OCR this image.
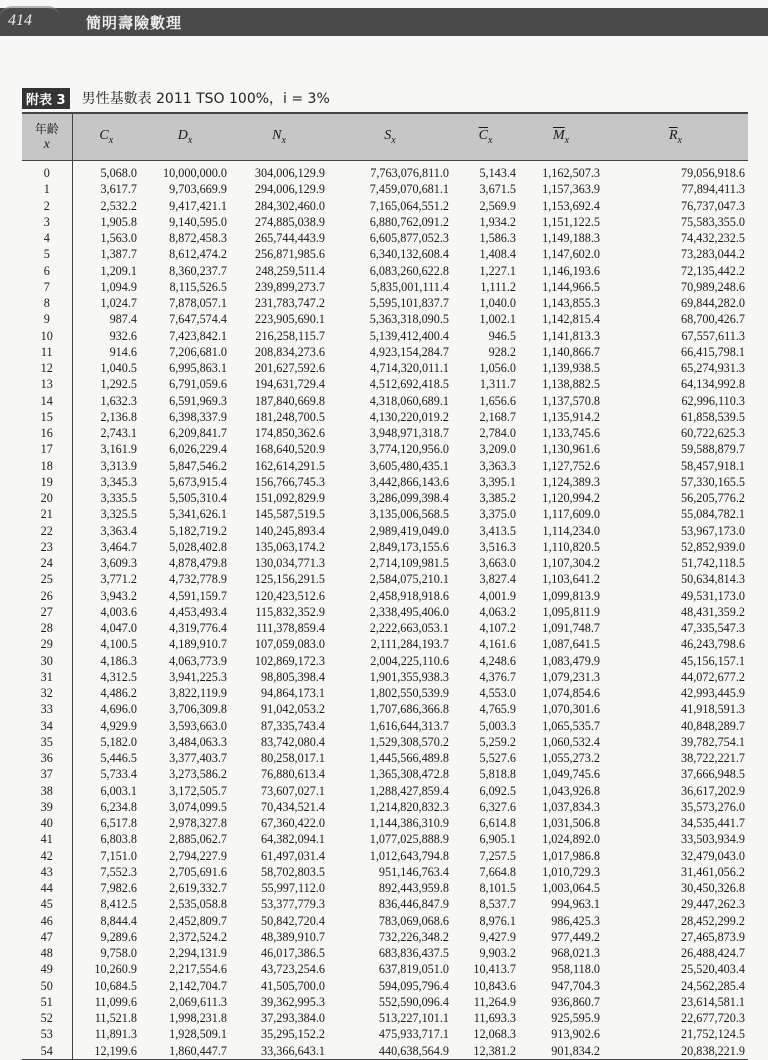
414	簡明壽險數理
附表 3 男性基數表 2011 TSO 100%，i = 3%
年齡
x	$C_x$	$D_x$	$N_x$	$S_x$	$\overline{C}_x$	$\overline{M}_x$	$\overline{R}_x$
0	5,068.0	10,000,000.0	304,006,129.9	7,763,076,811.0	5,143.4	1,162,507.3	79,056,918.6
1	3,617.7	9,703,669.9	294,006,129.9	7,459,070,681.1	3,671.5	1,157,363.9	77,894,411.3
2	2,532.2	9,417,421.1	284,302,460.0	7,165,064,551.2	2,569.9	1,153,692.4	76,737,047.3
3	1,905.8	9,140,595.0	274,885,038.9	6,880,762,091.2	1,934.2	1,151,122.5	75,583,355.0
4	1,563.0	8,872,458.3	265,744,443.9	6,605,877,052.3	1,586.3	1,149,188.3	74,432,232.5
5	1,387.7	8,612,474.2	256,871,985.6	6,340,132,608.4	1,408.4	1,147,602.0	73,283,044.2
6	1,209.1	8,360,237.7	248,259,511.4	6,083,260,622.8	1,227.1	1,146,193.6	72,135,442.2
7	1,094.9	8,115,526.5	239,899,273.7	5,835,001,111.4	1,111.2	1,144,966.5	70,989,248.6
8	1,024.7	7,878,057.1	231,783,747.2	5,595,101,837.7	1,040.0	1,143,855.3	69,844,282.0
9	987.4	7,647,574.4	223,905,690.1	5,363,318,090.5	1,002.1	1,142,815.4	68,700,426.7
10	932.6	7,423,842.1	216,258,115.7	5,139,412,400.4	946.5	1,141,813.3	67,557,611.3
11	914.6	7,206,681.0	208,834,273.6	4,923,154,284.7	928.2	1,140,866.7	66,415,798.1
12	1,040.5	6,995,863.1	201,627,592.6	4,714,320,011.1	1,056.0	1,139,938.5	65,274,931.3
13	1,292.5	6,791,059.6	194,631,729.4	4,512,692,418.5	1,311.7	1,138,882.5	64,134,992.8
14	1,632.3	6,591,969.3	187,840,669.8	4,318,060,689.1	1,656.6	1,137,570.8	62,996,110.3
15	2,136.8	6,398,337.9	181,248,700.5	4,130,220,019.2	2,168.7	1,135,914.2	61,858,539.5
16	2,743.1	6,209,841.7	174,850,362.6	3,948,971,318.7	2,784.0	1,133,745.6	60,722,625.3
17	3,161.9	6,026,229.4	168,640,520.9	3,774,120,956.0	3,209.0	1,130,961.6	59,588,879.7
18	3,313.9	5,847,546.2	162,614,291.5	3,605,480,435.1	3,363.3	1,127,752.6	58,457,918.1
19	3,345.3	5,673,915.4	156,766,745.3	3,442,866,143.6	3,395.1	1,124,389.3	57,330,165.5
20	3,335.5	5,505,310.4	151,092,829.9	3,286,099,398.4	3,385.2	1,120,994.2	56,205,776.2
21	3,325.5	5,341,626.1	145,587,519.5	3,135,006,568.5	3,375.0	1,117,609.0	55,084,782.1
22	3,363.4	5,182,719.2	140,245,893.4	2,989,419,049.0	3,413.5	1,114,234.0	53,967,173.0
23	3,464.7	5,028,402.8	135,063,174.2	2,849,173,155.6	3,516.3	1,110,820.5	52,852,939.0
24	3,609.3	4,878,479.8	130,034,771.3	2,714,109,981.5	3,663.0	1,107,304.2	51,742,118.5
25	3,771.2	4,732,778.9	125,156,291.5	2,584,075,210.1	3,827.4	1,103,641.2	50,634,814.3
26	3,943.2	4,591,159.7	120,423,512.6	2,458,918,918.6	4,001.9	1,099,813.9	49,531,173.0
27	4,003.6	4,453,493.4	115,832,352.9	2,338,495,406.0	4,063.2	1,095,811.9	48,431,359.2
28	4,047.0	4,319,776.4	111,378,859.4	2,222,663,053.1	4,107.2	1,091,748.7	47,335,547.3
29	4,100.5	4,189,910.7	107,059,083.0	2,111,284,193.7	4,161.6	1,087,641.5	46,243,798.6
30	4,186.3	4,063,773.9	102,869,172.3	2,004,225,110.6	4,248.6	1,083,479.9	45,156,157.1
31	4,312.5	3,941,225.3	98,805,398.4	1,901,355,938.3	4,376.7	1,079,231.3	44,072,677.2
32	4,486.2	3,822,119.9	94,864,173.1	1,802,550,539.9	4,553.0	1,074,854.6	42,993,445.9
33	4,696.0	3,706,309.8	91,042,053.2	1,707,686,366.8	4,765.9	1,070,301.6	41,918,591.3
34	4,929.9	3,593,663.0	87,335,743.4	1,616,644,313.7	5,003.3	1,065,535.7	40,848,289.7
35	5,182.0	3,484,063.3	83,742,080.4	1,529,308,570.2	5,259.2	1,060,532.4	39,782,754.1
36	5,446.5	3,377,403.7	80,258,017.1	1,445,566,489.8	5,527.6	1,055,273.2	38,722,221.7
37	5,733.4	3,273,586.2	76,880,613.4	1,365,308,472.8	5,818.8	1,049,745.6	37,666,948.5
38	6,003.1	3,172,505.7	73,607,027.1	1,288,427,859.4	6,092.5	1,043,926.8	36,617,202.9
39	6,234.8	3,074,099.5	70,434,521.4	1,214,820,832.3	6,327.6	1,037,834.3	35,573,276.0
40	6,517.8	2,978,327.8	67,360,422.0	1,144,386,310.9	6,614.8	1,031,506.8	34,535,441.7
41	6,803.8	2,885,062.7	64,382,094.1	1,077,025,888.9	6,905.1	1,024,892.0	33,503,934.9
42	7,151.0	2,794,227.9	61,497,031.4	1,012,643,794.8	7,257.5	1,017,986.8	32,479,043.0
43	7,552.3	2,705,691.6	58,702,803.5	951,146,763.4	7,664.8	1,010,729.3	31,461,056.2
44	7,982.6	2,619,332.7	55,997,112.0	892,443,959.8	8,101.5	1,003,064.5	30,450,326.8
45	8,412.5	2,535,058.8	53,377,779.3	836,446,847.9	8,537.7	994,963.1	29,447,262.3
46	8,844.4	2,452,809.7	50,842,720.4	783,069,068.6	8,976.1	986,425.3	28,452,299.2
47	9,289.6	2,372,524.2	48,389,910.7	732,226,348.2	9,427.9	977,449.2	27,465,873.9
48	9,758.0	2,294,131.9	46,017,386.5	683,836,437.5	9,903.2	968,021.3	26,488,424.7
49	10,260.9	2,217,554.6	43,723,254.6	637,819,051.0	10,413.7	958,118.0	25,520,403.4
50	10,684.5	2,142,704.7	41,505,700.0	594,095,796.4	10,843.6	947,704.3	24,562,285.4
51	11,099.6	2,069,611.3	39,362,995.3	552,590,096.4	11,264.9	936,860.7	23,614,581.1
52	11,521.8	1,998,231.8	37,293,384.0	513,227,101.1	11,693.3	925,595.9	22,677,720.3
53	11,891.3	1,928,509.1	35,295,152.2	475,933,717.1	12,068.3	913,902.6	21,752,124.5
54	12,199.6	1,860,447.7	33,366,643.1	440,638,564.9	12,381.2	901,834.2	20,838,221.9
